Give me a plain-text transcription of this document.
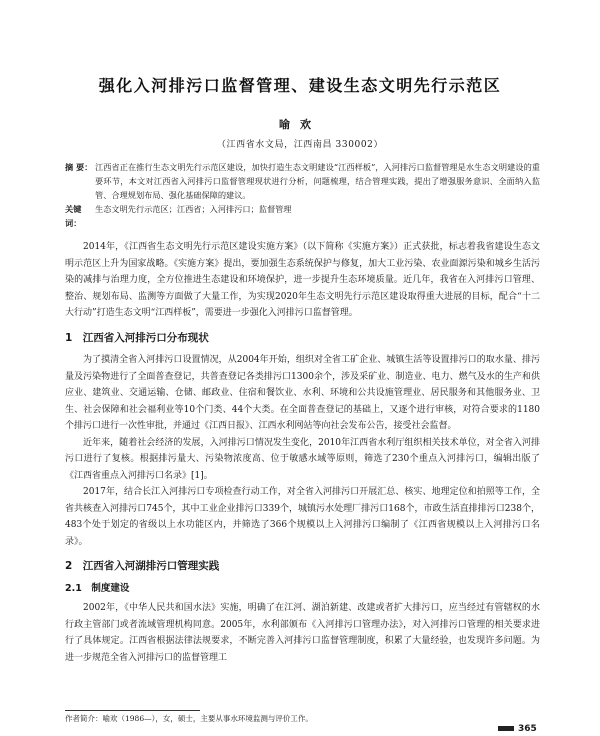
强化入河排污口监督管理、建设生态文明先行示范区
喻欢
（江西省水文局，江西南昌 330002）
摘 要： 江西省正在推行生态文明先行示范区建设，加快打造生态文明建设“江西样板”，入河排污口监督管理是水生态文明建设的重要环节，本文对江西省入河排污口监督管理现状进行分析，问题梳理，结合管理实践，提出了增强服务意识、全面纳入监管、合理规划布局、强化基础保障的建议。
关键词：
生态文明先行示范区；江西省；入河排污口；监督管理

2014年，《江西省生态文明先行示范区建设实施方案》（以下简称《实施方案》）正式获批，标志着我省建设生态文明示范区上升为国家战略。《实施方案》提出，要加强生态系统保护与修复，加大工业污染、农业面源污染和城乡生活污染的减排与治理力度，全方位推进生态建设和环境保护，进一步提升生态环境质量。近几年，我省在入河排污口管理、整治、规划布局、监测等方面做了大量工作，为实现2020年生态文明先行示范区建设取得重大进展的目标，配合“十二大行动”打造生态文明“江西样板”，需要进一步强化入河排污口监督管理。

1　江西省入河排污口分布现状

为了摸清全省入河排污口设置情况，从2004年开始，组织对全省工矿企业、城镇生活等设置排污口的取水量、排污量及污染物进行了全面普查登记，共普查登记各类排污口1300余个，涉及采矿业、制造业、电力、燃气及水的生产和供应业、建筑业、交通运输、仓储、邮政业、住宿和餐饮业、水利、环境和公共设施管理业、居民服务和其他服务业、卫生、社会保障和社会福利业等10个门类、44个大类。在全面普查登记的基础上，又逐个进行审核，对符合要求的1180个排污口进行一次性审批，并通过《江西日报》、江西水利网站等向社会发布公告，接受社会监督。

近年来，随着社会经济的发展，入河排污口情况发生变化，2010年江西省水利厅组织相关技术单位，对全省入河排污口进行了复核。根据排污量大、污染物浓度高、位于敏感水域等原则，筛选了230个重点入河排污口，编辑出版了《江西省重点入河排污口名录》[1]。

2017年，结合长江入河排污口专项检查行动工作，对全省入河排污口开展汇总、核实、地理定位和拍照等工作，全省共核查入河排污口745个，其中工业企业排污口339个，城镇污水处理厂排污口168个，市政生活直排排污口238个，483个处于划定的省级以上水功能区内，并筛选了366个规模以上入河排污口编制了《江西省规模以上入河排污口名录》。

2　江西省入河湖排污口管理实践
2.1　制度建设

2002年，《中华人民共和国水法》实施，明确了在江河、湖泊新建、改建或者扩大排污口，应当经过有管辖权的水行政主管部门或者流域管理机构同意。2005年，水利部颁布《入河排污口管理办法》，对入河排污口管理的相关要求进行了具体规定。江西省根据法律法规要求，不断完善入河排污口监督管理制度，积累了大量经验，也发现许多问题。为进一步规范全省入河排污口的监督管理工

作者简介：喻欢（1986—），女，硕士，主要从事水环境监测与评价工作。
365
